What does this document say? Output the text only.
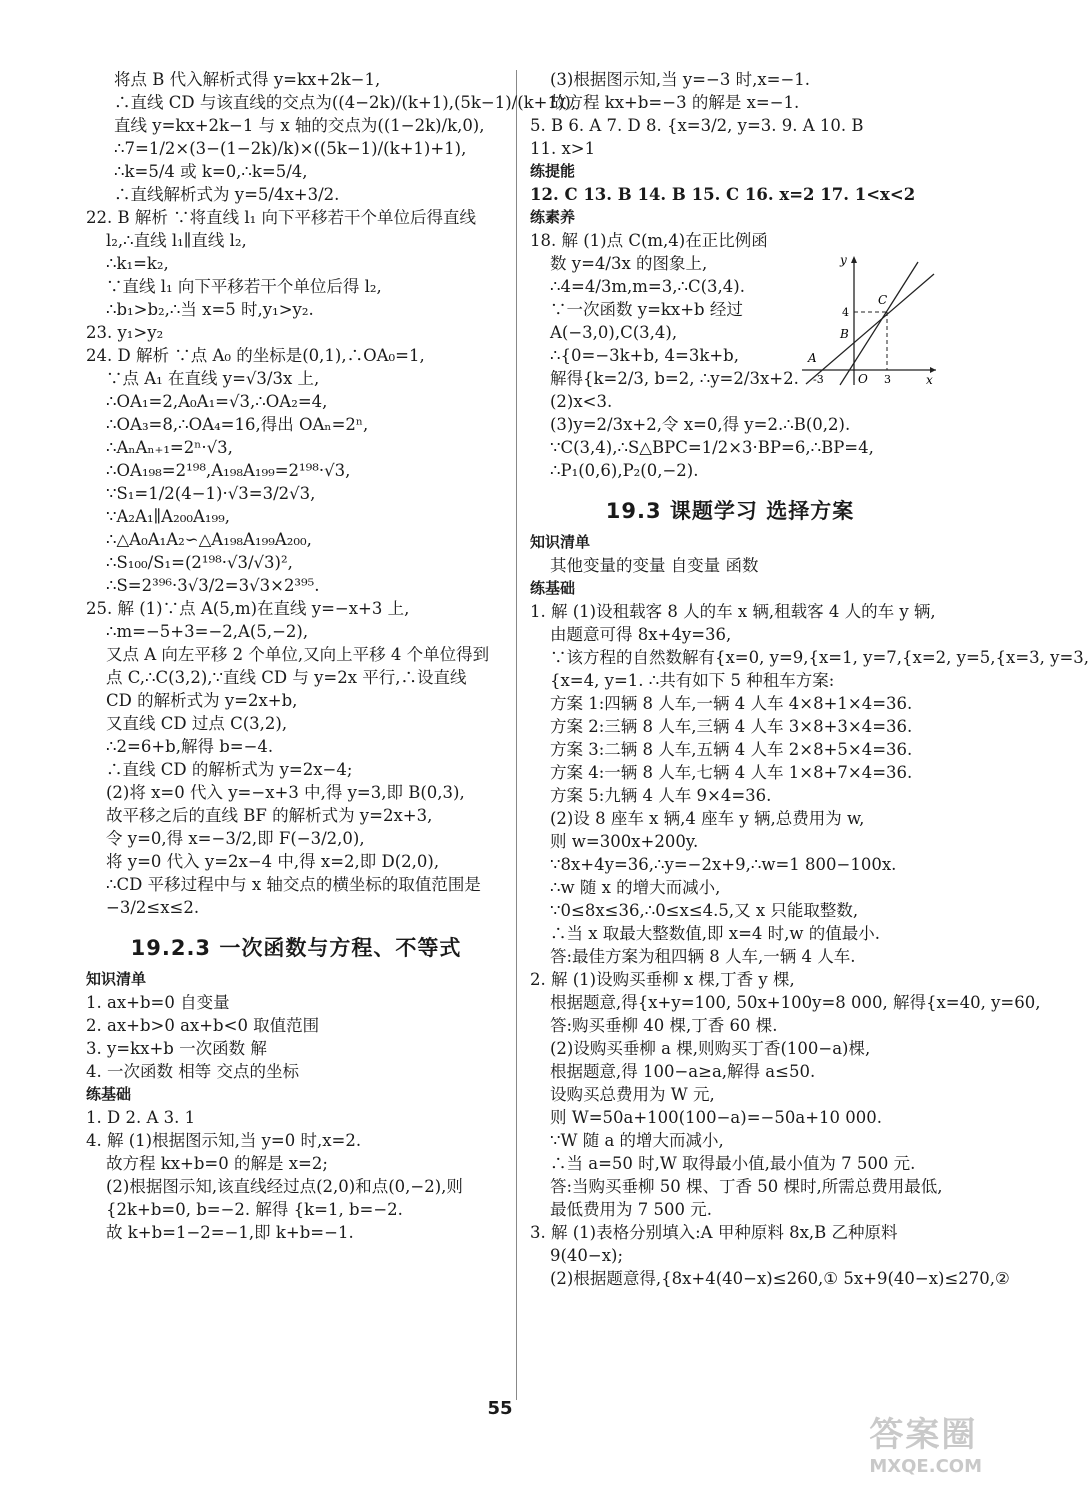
将点 B 代入解析式得 y=kx+2k−1,
∴直线 CD 与该直线的交点为((4−2k)/(k+1),(5k−1)/(k+1)),
直线 y=kx+2k−1 与 x 轴的交点为((1−2k)/k,0),
∴7=1/2×(3−(1−2k)/k)×((5k−1)/(k+1)+1),
∴k=5/4 或 k=0,∴k=5/4,
∴直线解析式为 y=5/4x+3/2.
22. B 解析 ∵将直线 l₁ 向下平移若干个单位后得直线
l₂,∴直线 l₁∥直线 l₂,
∴k₁=k₂,
∵直线 l₁ 向下平移若干个单位后得 l₂,
∴b₁>b₂,∴当 x=5 时,y₁>y₂.
23. y₁>y₂
24. D 解析 ∵点 A₀ 的坐标是(0,1),∴OA₀=1,
∵点 A₁ 在直线 y=√3/3x 上,
∴OA₁=2,A₀A₁=√3,∴OA₂=4,
∴OA₃=8,∴OA₄=16,得出 OAₙ=2ⁿ,
∴AₙAₙ₊₁=2ⁿ·√3,
∴OA₁₉₈=2¹⁹⁸,A₁₉₈A₁₉₉=2¹⁹⁸·√3,
∵S₁=1/2(4−1)·√3=3/2√3,
∵A₂A₁∥A₂₀₀A₁₉₉,
∴△A₀A₁A₂∽△A₁₉₈A₁₉₉A₂₀₀,
∴S₁₀₀/S₁=(2¹⁹⁸·√3/√3)²,
∴S=2³⁹⁶·3√3/2=3√3×2³⁹⁵.
25. 解 (1)∵点 A(5,m)在直线 y=−x+3 上,
∴m=−5+3=−2,A(5,−2),
又点 A 向左平移 2 个单位,又向上平移 4 个单位得到
点 C,∴C(3,2),∵直线 CD 与 y=2x 平行,∴设直线
CD 的解析式为 y=2x+b,
又直线 CD 过点 C(3,2),
∴2=6+b,解得 b=−4.
∴直线 CD 的解析式为 y=2x−4;
(2)将 x=0 代入 y=−x+3 中,得 y=3,即 B(0,3),
故平移之后的直线 BF 的解析式为 y=2x+3,
令 y=0,得 x=−3/2,即 F(−3/2,0),
将 y=0 代入 y=2x−4 中,得 x=2,即 D(2,0),
∴CD 平移过程中与 x 轴交点的横坐标的取值范围是
−3/2≤x≤2.
19.2.3 一次函数与方程、不等式
知识清单
1. ax+b=0 自变量
2. ax+b>0 ax+b<0 取值范围
3. y=kx+b 一次函数 解
4. 一次函数 相等 交点的坐标
练基础
1. D 2. A 3. 1
4. 解 (1)根据图示知,当 y=0 时,x=2.
故方程 kx+b=0 的解是 x=2;
(2)根据图示知,该直线经过点(2,0)和点(0,−2),则
{2k+b=0, b=−2. 解得 {k=1, b=−2.
故 k+b=1−2=−1,即 k+b=−1.
(3)根据图示知,当 y=−3 时,x=−1.
故方程 kx+b=−3 的解是 x=−1.
5. B 6. A 7. D 8. {x=3/2, y=3. 9. A 10. B
11. x>1
练提能
12. C 13. B 14. B 15. C 16. x=2 17. 1<x<2
练素养
18. 解 (1)点 C(m,4)在正比例函
数 y=4/3x 的图象上,
∴4=4/3m,m=3,∴C(3,4).
∵一次函数 y=kx+b 经过
A(−3,0),C(3,4),
∴{0=−3k+b, 4=3k+b,
解得{k=2/3, b=2, ∴y=2/3x+2.
(2)x<3.
(3)y=2/3x+2,令 x=0,得 y=2.∴B(0,2).
∵C(3,4),∴S△BPC=1/2×3·BP=6,∴BP=4,
∴P₁(0,6),P₂(0,−2).
19.3 课题学习 选择方案
知识清单
其他变量的变量 自变量 函数
练基础
1. 解 (1)设租载客 8 人的车 x 辆,租载客 4 人的车 y 辆,
由题意可得 8x+4y=36,
∵该方程的自然数解有{x=0, y=9,{x=1, y=7,{x=2, y=5,{x=3, y=3,
{x=4, y=1. ∴共有如下 5 种租车方案:
方案 1:四辆 8 人车,一辆 4 人车 4×8+1×4=36.
方案 2:三辆 8 人车,三辆 4 人车 3×8+3×4=36.
方案 3:二辆 8 人车,五辆 4 人车 2×8+5×4=36.
方案 4:一辆 8 人车,七辆 4 人车 1×8+7×4=36.
方案 5:九辆 4 人车 9×4=36.
(2)设 8 座车 x 辆,4 座车 y 辆,总费用为 w,
则 w=300x+200y.
∵8x+4y=36,∴y=−2x+9,∴w=1 800−100x.
∴w 随 x 的增大而减小,
∵0≤8x≤36,∴0≤x≤4.5,又 x 只能取整数,
∴当 x 取最大整数值,即 x=4 时,w 的值最小.
答:最佳方案为租四辆 8 人车,一辆 4 人车.
2. 解 (1)设购买垂柳 x 棵,丁香 y 棵,
根据题意,得{x+y=100, 50x+100y=8 000, 解得{x=40, y=60,
答:购买垂柳 40 棵,丁香 60 棵.
(2)设购买垂柳 a 棵,则购买丁香(100−a)棵,
根据题意,得 100−a≥a,解得 a≤50.
设购买总费用为 W 元,
则 W=50a+100(100−a)=−50a+10 000.
∵W 随 a 的增大而减小,
∴当 a=50 时,W 取得最小值,最小值为 7 500 元.
答:当购买垂柳 50 棵、丁香 50 棵时,所需总费用最低,
最低费用为 7 500 元.
3. 解 (1)表格分别填入:A 甲种原料 8x,B 乙种原料
9(40−x);
(2)根据题意得,{8x+4(40−x)≤260,① 5x+9(40−x)≤270,②
y
x
O
A
B
C
4
-3	3
55
答案圈
MXQE.COM
